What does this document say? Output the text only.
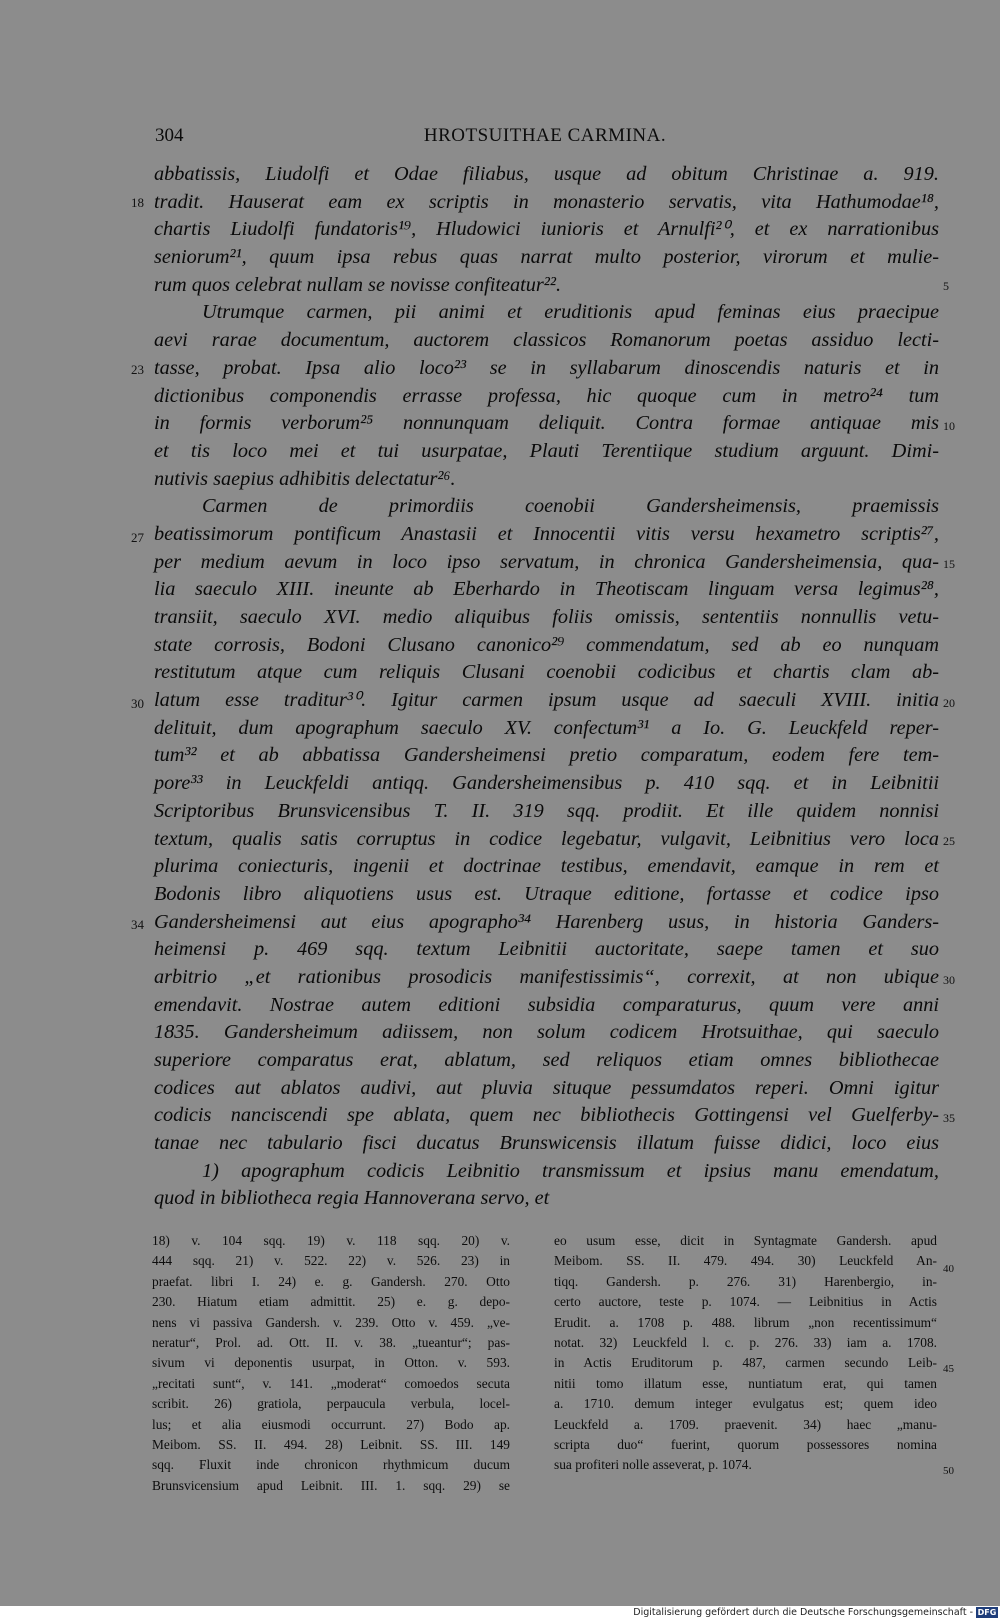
304	HROTSUITHAE CARMINA.
abbatissis, Liudolfi et Odae filiabus, usque ad obitum Christinae a. 919.
tradit. Hauserat eam ex scriptis in monasterio servatis, vita Hathumodae¹⁸,
chartis Liudolfi fundatoris¹⁹, Hludowici iunioris et Arnulfi²⁰, et ex narrationibus
seniorum²¹, quum ipsa rebus quas narrat multo posterior, virorum et mulie-
rum quos celebrat nullam se novisse confiteatur²².
Utrumque carmen, pii animi et eruditionis apud feminas eius praecipue
aevi rarae documentum, auctorem classicos Romanorum poetas assiduo lecti-
tasse, probat. Ipsa alio loco²³ se in syllabarum dinoscendis naturis et in
dictionibus componendis errasse professa, hic quoque cum in metro²⁴ tum
in formis verborum²⁵ nonnunquam deliquit. Contra formae antiquae mis
et tis loco mei et tui usurpatae, Plauti Terentiique studium arguunt. Dimi-
nutivis saepius adhibitis delectatur²⁶.
Carmen de primordiis coenobii Gandersheimensis, praemissis
beatissimorum pontificum Anastasii et Innocentii vitis versu hexametro scriptis²⁷,
per medium aevum in loco ipso servatum, in chronica Gandersheimensia, qua-
lia saeculo XIII. ineunte ab Eberhardo in Theotiscam linguam versa legimus²⁸,
transiit, saeculo XVI. medio aliquibus foliis omissis, sententiis nonnullis vetu-
state corrosis, Bodoni Clusano canonico²⁹ commendatum, sed ab eo nunquam
restitutum atque cum reliquis Clusani coenobii codicibus et chartis clam ab-
latum esse traditur³⁰. Igitur carmen ipsum usque ad saeculi XVIII. initia
delituit, dum apographum saeculo XV. confectum³¹ a Io. G. Leuckfeld reper-
tum³² et ab abbatissa Gandersheimensi pretio comparatum, eodem fere tem-
pore³³ in Leuckfeldi antiqq. Gandersheimensibus p. 410 sqq. et in Leibnitii
Scriptoribus Brunsvicensibus T. II. 319 sqq. prodiit. Et ille quidem nonnisi
textum, qualis satis corruptus in codice legebatur, vulgavit, Leibnitius vero loca
plurima coniecturis, ingenii et doctrinae testibus, emendavit, eamque in rem et
Bodonis libro aliquotiens usus est. Utraque editione, fortasse et codice ipso
Gandersheimensi aut eius apographo³⁴ Harenberg usus, in historia Ganders-
heimensi p. 469 sqq. textum Leibnitii auctoritate, saepe tamen et suo
arbitrio „et rationibus prosodicis manifestissimis“, correxit, at non ubique
emendavit. Nostrae autem editioni subsidia comparaturus, quum vere anni
1835. Gandersheimum adiissem, non solum codicem Hrotsuithae, qui saeculo
superiore comparatus erat, ablatum, sed reliquos etiam omnes bibliothecae
codices aut ablatos audivi, aut pluvia situque pessumdatos reperi. Omni igitur
codicis nanciscendi spe ablata, quem nec bibliothecis Gottingensi vel Guelferby-
tanae nec tabulario fisci ducatus Brunswicensis illatum fuisse didici, loco eius
1) apographum codicis Leibnitio transmissum et ipsius manu emendatum,
quod in bibliotheca regia Hannoverana servo, et
5
10
15
20
25
30
35
18
23
27
30
34
18) v. 104 sqq. 19) v. 118 sqq. 20) v.
444 sqq. 21) v. 522. 22) v. 526. 23) in
praefat. libri I. 24) e. g. Gandersh. 270. Otto
230. Hiatum etiam admittit. 25) e. g. depo-
nens vi passiva Gandersh. v. 239. Otto v. 459. „ve-
neratur“, Prol. ad. Ott. II. v. 38. „tueantur“; pas-
sivum vi deponentis usurpat, in Otton. v. 593.
„recitati sunt“, v. 141. „moderat“ comoedos secuta
scribit. 26) gratiola, perpaucula verbula, locel-
lus; et alia eiusmodi occurrunt. 27) Bodo ap.
Meibom. SS. II. 494. 28) Leibnit. SS. III. 149
sqq. Fluxit inde chronicon rhythmicum ducum
Brunsvicensium apud Leibnit. III. 1. sqq. 29) se
eo usum esse, dicit in Syntagmate Gandersh. apud
Meibom. SS. II. 479. 494. 30) Leuckfeld An-
tiqq. Gandersh. p. 276. 31) Harenbergio, in-
certo auctore, teste p. 1074. — Leibnitius in Actis
Erudit. a. 1708 p. 488. librum „non recentissimum“
notat. 32) Leuckfeld l. c. p. 276. 33) iam a. 1708.
in Actis Eruditorum p. 487, carmen secundo Leib-
nitii tomo illatum esse, nuntiatum erat, qui tamen
a. 1710. demum integer evulgatus est; quem ideo
Leuckfeld a. 1709. praevenit. 34) haec „manu-
scripta duo“ fuerint, quorum possessores nomina
sua profiteri nolle asseverat, p. 1074.
40
45
50
Digitalisierung gefördert durch die Deutsche Forschungsgemeinschaft - DFG
